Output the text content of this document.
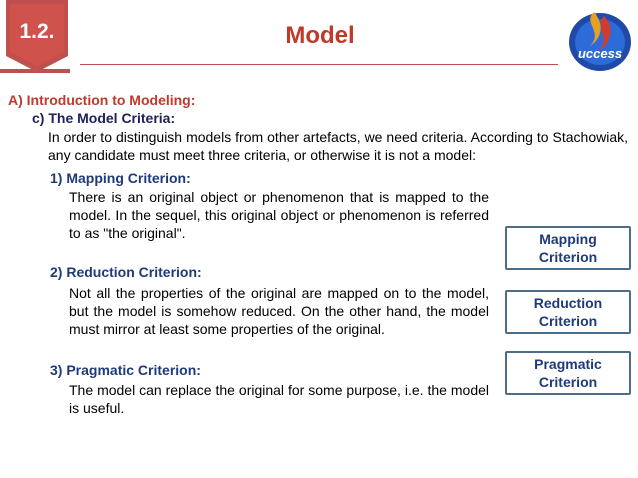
1.2.	Model
uccess
A) Introduction to Modeling:
c) The Model Criteria:
In order to distinguish models from other artefacts, we need criteria. According to Stachowiak, any candidate must meet three criteria, or otherwise it is not a model:
1) Mapping Criterion:
There is an original object or phenomenon that is mapped to the model. In the sequel, this original object or phenomenon is referred to as "the original".
2) Reduction Criterion:
Not all the properties of the original are mapped on to the model, but the model is somehow reduced. On the other hand, the model must mirror at least some properties of the original.
3) Pragmatic Criterion:
The model can replace the original for some purpose, i.e. the model is useful.
Mapping Criterion
Reduction Criterion
Pragmatic Criterion
